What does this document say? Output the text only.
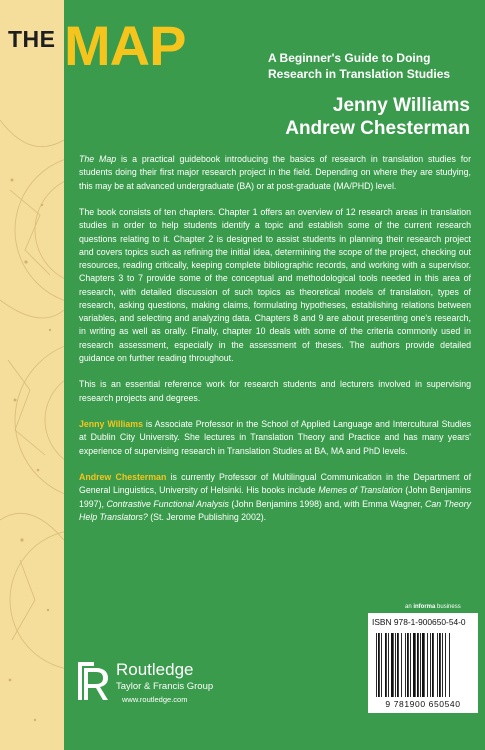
THE MAP	A Beginner's Guide to Doing
Research in Translation Studies
Jenny Williams
Andrew Chesterman

The Map is a practical guidebook introducing the basics of research in translation studies for students doing their first major research project in the field. Depending on where they are studying, this may be at advanced undergraduate (BA) or at post-graduate (MA/PHD) level.

The book consists of ten chapters. Chapter 1 offers an overview of 12 research areas in translation studies in order to help students identify a topic and establish some of the current research questions relating to it. Chapter 2 is designed to assist students in planning their research project and covers topics such as refining the initial idea, determining the scope of the project, checking out resources, reading critically, keeping complete bibliographic records, and working with a supervisor. Chapters 3 to 7 provide some of the conceptual and methodological tools needed in this area of research, with detailed discussion of such topics as theoretical models of translation, types of research, asking questions, making claims, formulating hypotheses, establishing relations between variables, and selecting and analyzing data. Chapters 8 and 9 are about presenting one's research, in writing as well as orally. Finally, chapter 10 deals with some of the criteria commonly used in research assessment, especially in the assessment of theses. The authors provide detailed guidance on further reading throughout.

This is an essential reference work for research students and lecturers involved in supervising research projects and degrees.

Jenny Williams is Associate Professor in the School of Applied Language and Intercultural Studies at Dublin City University. She lectures in Translation Theory and Practice and has many years' experience of supervising research in Translation Studies at BA, MA and PhD levels.

Andrew Chesterman is currently Professor of Multilingual Communication in the Department of General Linguistics, University of Helsinki. His books include Memes of Translation (John Benjamins 1997), Contrastive Functional Analysis (John Benjamins 1998) and, with Emma Wagner, Can Theory Help Translators? (St. Jerome Publishing 2002).

an informa business
ISBN 978-1-900650-54-0
9 781900 650540
Routledge
Taylor & Francis Group
www.routledge.com
